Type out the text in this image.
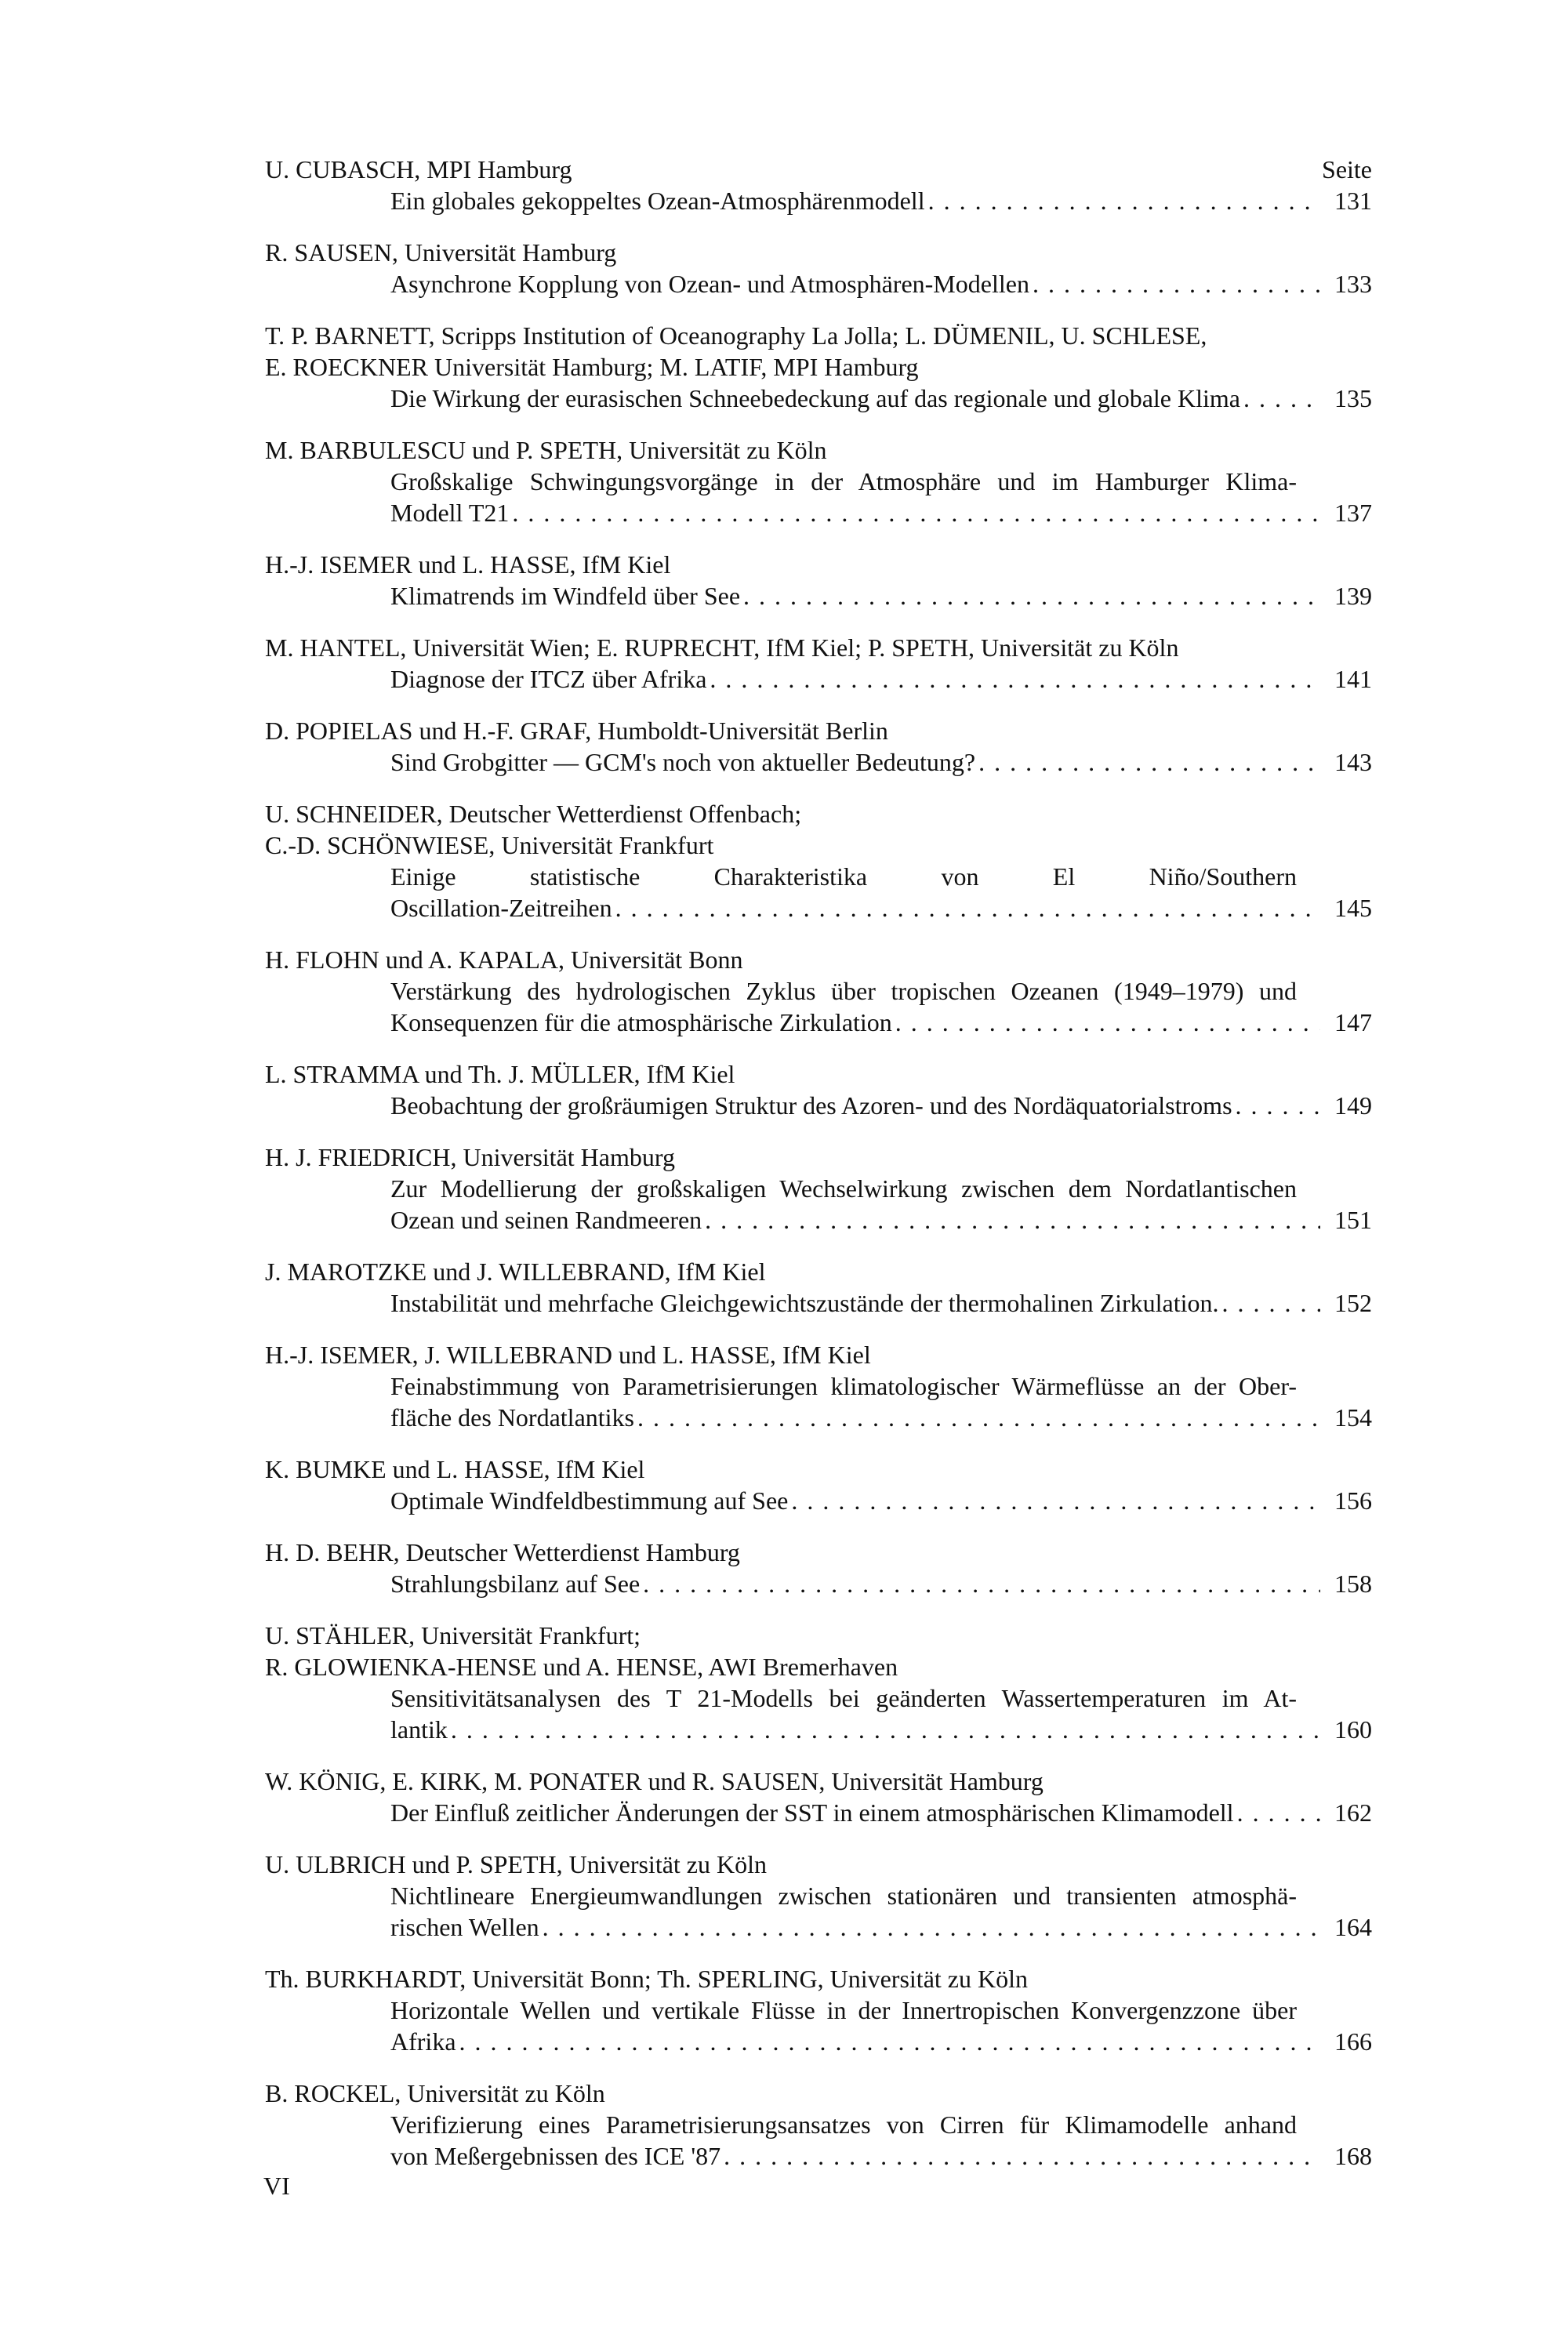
Seite
U. CUBASCH, MPI Hamburg
Ein globales gekoppeltes Ozean-Atmosphärenmodell . . .	131
R. SAUSEN, Universität Hamburg
Asynchrone Kopplung von Ozean- und Atmosphären-Modellen . . .	133
T. P. BARNETT, Scripps Institution of Oceanography La Jolla; L. DÜMENIL, U. SCHLESE,
E. ROECKNER Universität Hamburg; M. LATIF, MPI Hamburg
Die Wirkung der eurasischen Schneebedeckung auf das regionale und globale Klima . . .	135
M. BARBULESCU und P. SPETH, Universität zu Köln
Großskalige Schwingungsvorgänge in der Atmosphäre und im Hamburger Klima-
Modell T21 . . .	137
H.-J. ISEMER und L. HASSE, IfM Kiel
Klimatrends im Windfeld über See . . .	139
M. HANTEL, Universität Wien; E. RUPRECHT, IfM Kiel; P. SPETH, Universität zu Köln
Diagnose der ITCZ über Afrika . . .	141
D. POPIELAS und H.-F. GRAF, Humboldt-Universität Berlin
Sind Grobgitter — GCM's noch von aktueller Bedeutung? . . .	143
U. SCHNEIDER, Deutscher Wetterdienst Offenbach;
C.-D. SCHÖNWIESE, Universität Frankfurt
Einige statistische Charakteristika von El Niño/Southern
Oscillation-Zeitreihen . . .	145
H. FLOHN und A. KAPALA, Universität Bonn
Verstärkung des hydrologischen Zyklus über tropischen Ozeanen (1949–1979) und
Konsequenzen für die atmosphärische Zirkulation . . .	147
L. STRAMMA und Th. J. MÜLLER, IfM Kiel
Beobachtung der großräumigen Struktur des Azoren- und des Nordäquatorialstroms . . .	149
H. J. FRIEDRICH, Universität Hamburg
Zur Modellierung der großskaligen Wechselwirkung zwischen dem Nordatlantischen
Ozean und seinen Randmeeren . . .	151
J. MAROTZKE und J. WILLEBRAND, IfM Kiel
Instabilität und mehrfache Gleichgewichtszustände der thermohalinen Zirkulation. . . .	152
H.-J. ISEMER, J. WILLEBRAND und L. HASSE, IfM Kiel
Feinabstimmung von Parametrisierungen klimatologischer Wärmeflüsse an der Ober-
fläche des Nordatlantiks . . .	154
K. BUMKE und L. HASSE, IfM Kiel
Optimale Windfeldbestimmung auf See . . .	156
H. D. BEHR, Deutscher Wetterdienst Hamburg
Strahlungsbilanz auf See . . .	158
U. STÄHLER, Universität Frankfurt;
R. GLOWIENKA-HENSE und A. HENSE, AWI Bremerhaven
Sensitivitätsanalysen des T 21-Modells bei geänderten Wassertemperaturen im At-
lantik . . .	160
W. KÖNIG, E. KIRK, M. PONATER und R. SAUSEN, Universität Hamburg
Der Einfluß zeitlicher Änderungen der SST in einem atmosphärischen Klimamodell . . .	162
U. ULBRICH und P. SPETH, Universität zu Köln
Nichtlineare Energieumwandlungen zwischen stationären und transienten atmosphä-
rischen Wellen . . .	164
Th. BURKHARDT, Universität Bonn; Th. SPERLING, Universität zu Köln
Horizontale Wellen und vertikale Flüsse in der Innertropischen Konvergenzzone über
Afrika . . .	166
B. ROCKEL, Universität zu Köln
Verifizierung eines Parametrisierungsansatzes von Cirren für Klimamodelle anhand
von Meßergebnissen des ICE '87 . . .	168
VI
